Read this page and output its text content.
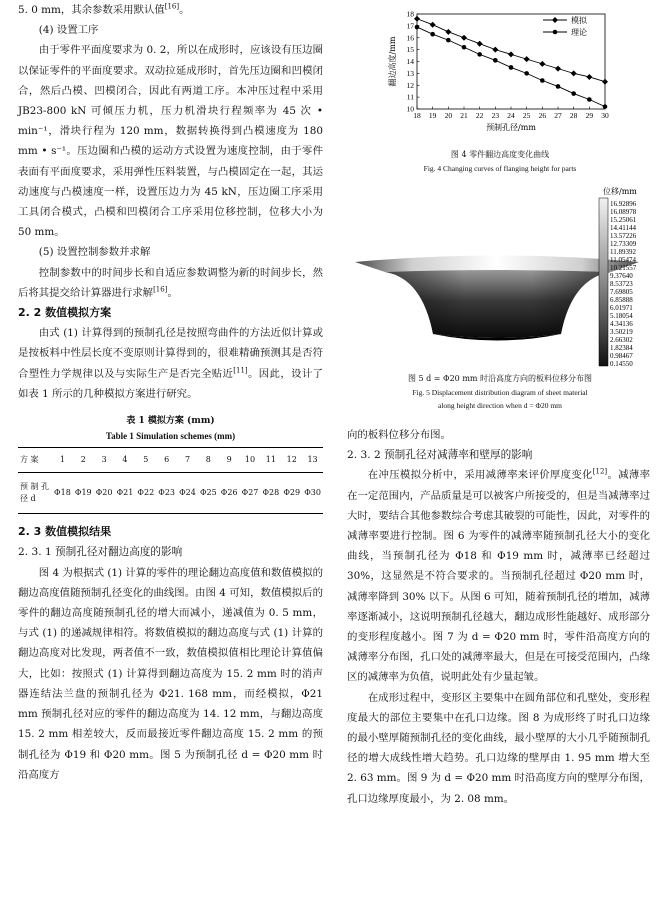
5. 0 mm，其余参数采用默认值[16]。

(4) 设置工序

由于零件平面度要求为 0. 2，所以在成形时，应该设有压边圈以保证零件的平面度要求。双动拉延成形时，首先压边圈和凹模闭合，然后凸模、凹模闭合，因此有两道工序。本冲压过程中采用 JB23-800 kN 可倾压力机，压力机滑块行程频率为 45 次 • min⁻¹，滑块行程为 120 mm，数据转换得到凸模速度为 180 mm • s⁻¹。压边圈和凸模的运动方式设置为速度控制，由于零件表面有平面度要求，采用弹性压料装置，与凸模固定在一起，其运动速度与凸模速度一样，设置压边力为 45 kN，压边圈工序采用工具闭合模式，凸模和凹模闭合工序采用位移控制，位移大小为 50 mm。

(5) 设置控制参数并求解

控制参数中的时间步长和自适应参数调整为新的时间步长，然后将其提交给计算器进行求解[16]。

2. 2 数值模拟方案

由式 (1) 计算得到的预制孔径是按照弯曲件的方法近似计算或是按板料中性层长度不变原则计算得到的，很难精确预测其是否符合塑性力学规律以及与实际生产是否完全贴近[11]。因此，设计了如表 1 所示的几种模拟方案进行研究。

表 1 模拟方案 (mm)
Table 1 Simulation schemes (mm)
方 案	1	2	3	4	5	6	7	8	9	10	11	12	13
预 制 孔 径 d	Φ18	Φ19	Φ20	Φ21	Φ22	Φ23	Φ24	Φ25	Φ26	Φ27	Φ28	Φ29	Φ30

2. 3 数值模拟结果

2. 3. 1 预制孔径对翻边高度的影响

图 4 为根据式 (1) 计算的零件的理论翻边高度值和数值模拟的翻边高度值随预制孔径变化的曲线图。由图 4 可知，数值模拟后的零件的翻边高度随预制孔径的增大而减小，递减值为 0. 5 mm，与式 (1) 的递减规律相符。将数值模拟的翻边高度与式 (1) 计算的翻边高度对比发现，两者值不一致，数值模拟值相比理论计算值偏大，比如：按照式 (1) 计算得到翻边高度为 15. 2 mm 时的消声器连结法兰盘的预制孔径为 Φ21. 168 mm，而经模拟，Φ21 mm 预制孔径对应的零件的翻边高度为 14. 12 mm，与翻边高度 15. 2 mm 相差较大，反而最接近零件翻边高度 15. 2 mm 的预制孔径为 Φ19 和 Φ20 mm。图 5 为预制孔径 d = Φ20 mm 时沿高度方

18 19 20 21 22 23 24 25 26 27 28 29 30
10
11
12
13
14
15
16
17
18
预制孔径/mm
翻边高度/mm
模拟
理论
图 4 零件翻边高度变化曲线
Fig. 4 Changing curves of flanging height for parts
位移/mm
16.92896
16.08978
15.25061
14.41144
13.57226
12.73309
11.89392
11.05474
10.21557
9.37640
8.53723
7.69805
6.85888
6.01971
5.18054
4.34136
3.50219
2.66302
1.82384
0.98467
0.14550
图 5 d = Φ20 mm 时沿高度方向的板料位移分布图
Fig. 5 Displacement distribution diagram of sheet material
along height direction when d = Φ20 mm

向的板料位移分布图。

2. 3. 2 预制孔径对减薄率和壁厚的影响

在冲压模拟分析中，采用减薄率来评价厚度变化[12]。减薄率在一定范围内，产品质量是可以被客户所接受的，但是当减薄率过大时，要结合其他参数综合考虑其破裂的可能性，因此，对零件的减薄率要进行控制。图 6 为零件的减薄率随预制孔径大小的变化曲线，当预制孔径为 Φ18 和 Φ19 mm 时，减薄率已经超过 30%，这显然是不符合要求的。当预制孔径超过 Φ20 mm 时，减薄率降到 30% 以下。从图 6 可知，随着预制孔径的增加，减薄率逐渐减小，这说明预制孔径越大，翻边成形性能越好、成形部分的变形程度越小。图 7 为 d = Φ20 mm 时，零件沿高度方向的减薄率分布图，孔口处的减薄率最大，但是在可接受范围内，凸缘区的减薄率为负值，说明此处有少量起皱。

在成形过程中，变形区主要集中在圆角部位和孔壁处，变形程度最大的部位主要集中在孔口边缘。图 8 为成形终了时孔口边缘的最小壁厚随预制孔径的变化曲线，最小壁厚的大小几乎随预制孔径的增大成线性增大趋势。孔口边缘的壁厚由 1. 95 mm 增大至 2. 63 mm。图 9 为 d = Φ20 mm 时沿高度方向的壁厚分布图，孔口边缘厚度最小，为 2. 08 mm。
